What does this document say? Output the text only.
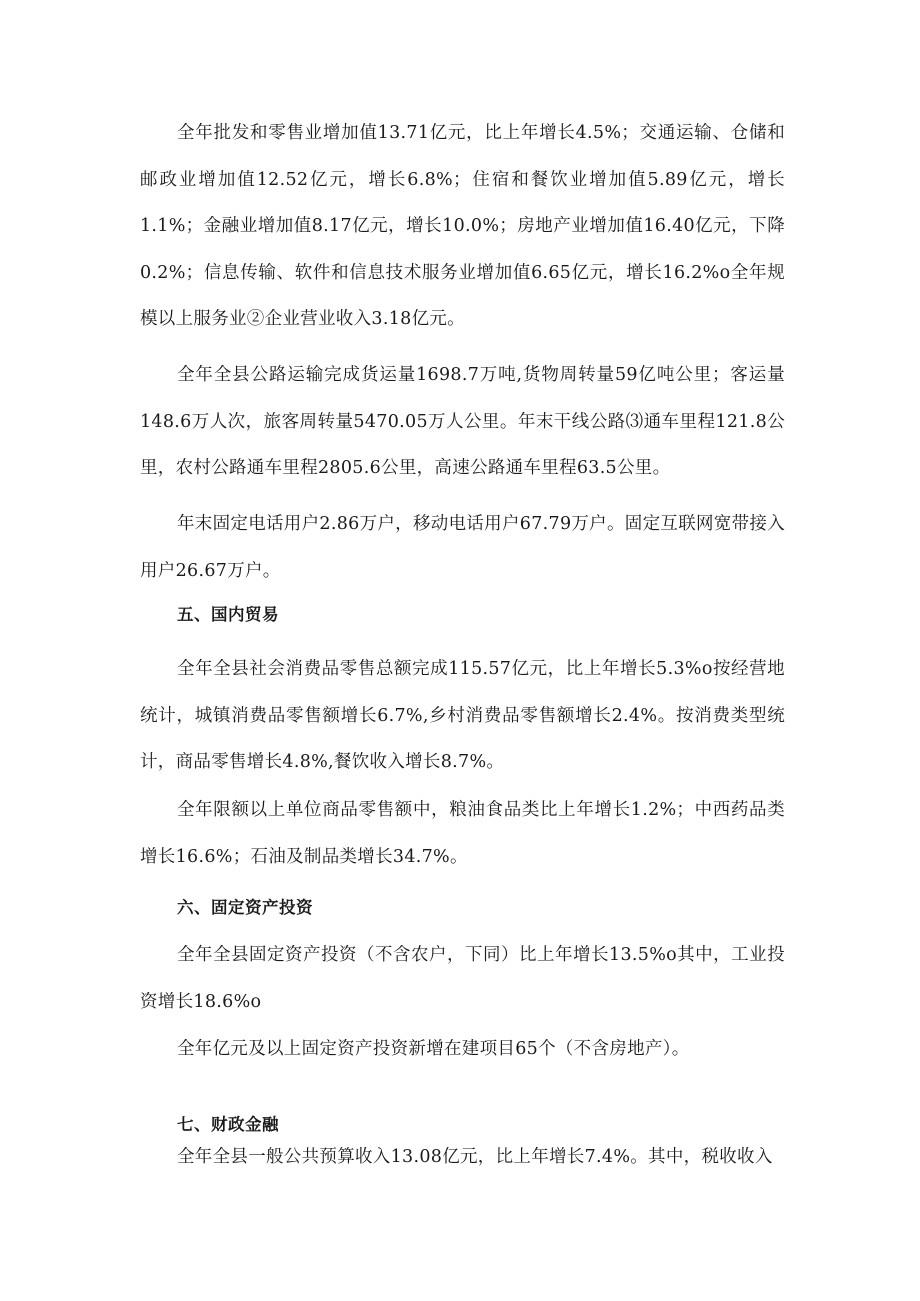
全年批发和零售业增加值13.71亿元，比上年增长4.5%；交通运输、仓储和邮政业增加值12.52亿元，增长6.8%；住宿和餐饮业增加值5.89亿元，增长1.1%；金融业增加值8.17亿元，增长10.0%；房地产业增加值16.40亿元，下降0.2%；信息传输、软件和信息技术服务业增加值6.65亿元，增长16.2%o全年规模以上服务业②企业营业收入3.18亿元。

全年全县公路运输完成货运量1698.7万吨,货物周转量59亿吨公里；客运量148.6万人次，旅客周转量5470.05万人公里。年末干线公路⑶通车里程121.8公里，农村公路通车里程2805.6公里，高速公路通车里程63.5公里。

年末固定电话用户2.86万户，移动电话用户67.79万户。固定互联网宽带接入用户26.67万户。

五、国内贸易

全年全县社会消费品零售总额完成115.57亿元，比上年增长5.3%o按经营地统计，城镇消费品零售额增长6.7%,乡村消费品零售额增长2.4%。按消费类型统计，商品零售增长4.8%,餐饮收入增长8.7%。

全年限额以上单位商品零售额中，粮油食品类比上年增长1.2%；中西药品类增长16.6%；石油及制品类增长34.7%。

六、固定资产投资

全年全县固定资产投资（不含农户，下同）比上年增长13.5%o其中，工业投资增长18.6%o

全年亿元及以上固定资产投资新增在建项目65个（不含房地产）。

七、财政金融

全年全县一般公共预算收入13.08亿元，比上年增长7.4%。其中，税收收入
